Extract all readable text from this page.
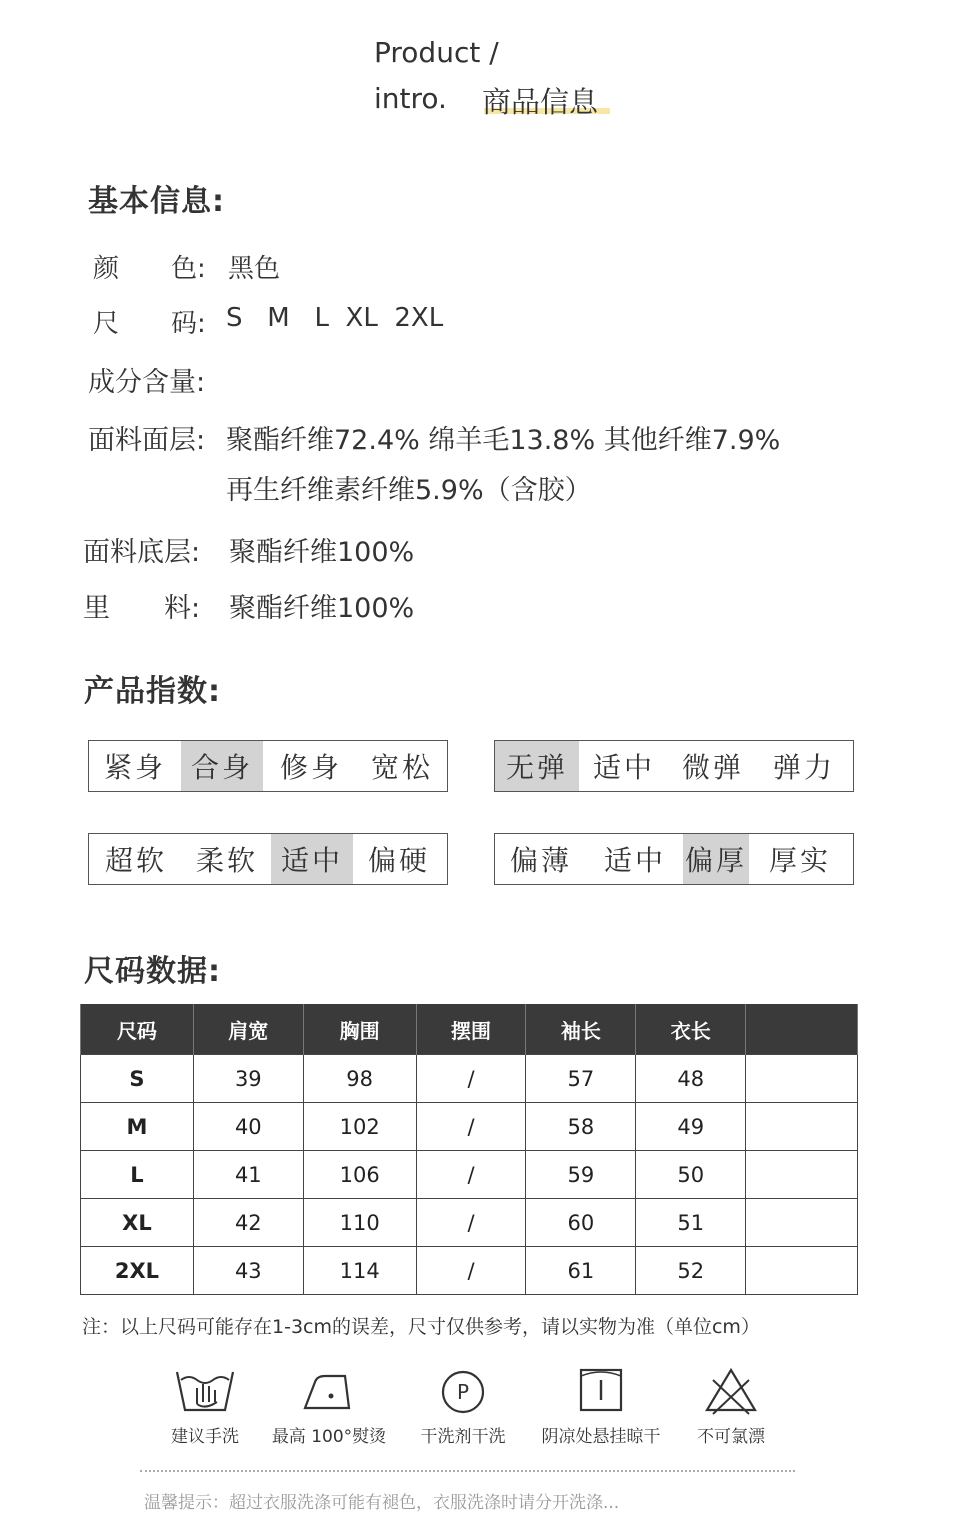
Product /
intro. 商品信息
基本信息:
颜　　色: 黑色
尺　　码: S   M   L  XL  2XL
成分含量:
面料面层: 聚酯纤维72.4% 绵羊毛13.8% 其他纤维7.9%
再生纤维素纤维5.9%（含胶）
面料底层: 聚酯纤维100%
里　　料: 聚酯纤维100%
产品指数:
紧身 合身 修身	宽松	无弹 适中 微弹	弹力
超软	柔软 适中 偏硬	偏薄	适中 偏厚 厚实
尺码数据:
尺码	肩宽	胸围	摆围	袖长	衣长	
S	39	98	/	57	48	
M	40	102	/	58	49	
L	41	106	/	59	50	
XL	42	110	/	60	51	
2XL	43	114	/	61	52	
注：以上尺码可能存在1-3cm的误差，尺寸仅供参考，请以实物为准（单位cm）
建议手洗	最高 100°熨烫
P
干洗剂干洗	阴凉处悬挂晾干	不可氯漂
温馨提示：超过衣服洗涤可能有褪色，衣服洗涤时请分开洗涤...
